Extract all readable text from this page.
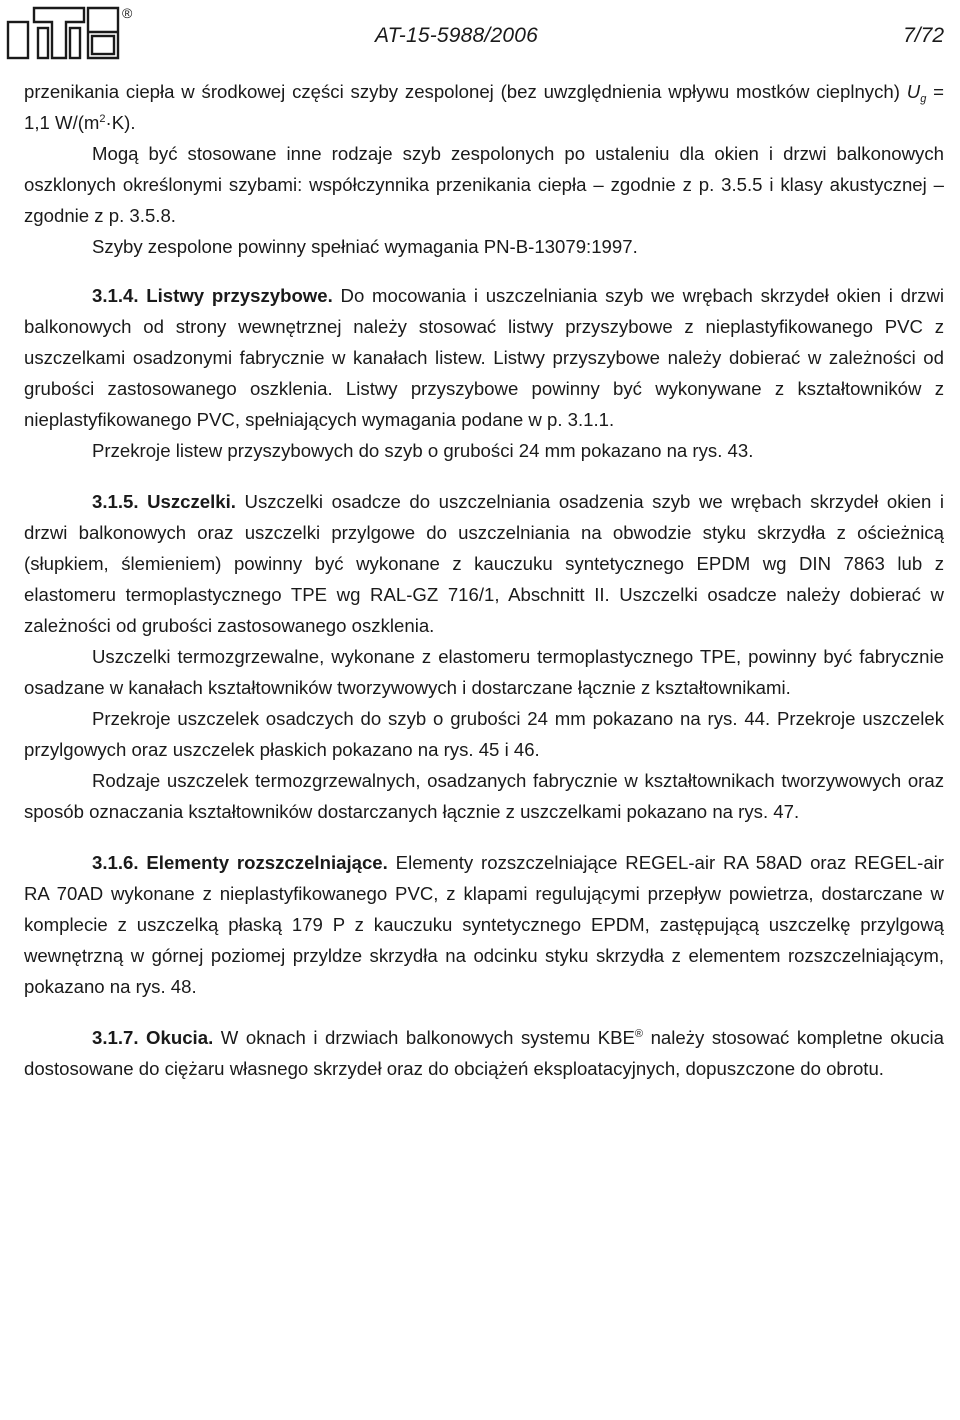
®
AT-15-5988/2006	7/72

przenikania ciepła w środkowej części szyby zespolonej (bez uwzględnienia wpływu mostków cieplnych) $U_g = 1,1$ $W/(m^2\cdot K)$.

Mogą być stosowane inne rodzaje szyb zespolonych po ustaleniu dla okien i drzwi balkonowych oszklonych określonymi szybami: współczynnika przenikania ciepła – zgodnie z p. 3.5.5 i klasy akustycznej – zgodnie z p. 3.5.8.

Szyby zespolone powinny spełniać wymagania PN-B-13079:1997.

3.1.4. Listwy przyszybowe. Do mocowania i uszczelniania szyb we wrębach skrzydeł okien i drzwi balkonowych od strony wewnętrznej należy stosować listwy przyszybowe z nieplastyfikowanego PVC z uszczelkami osadzonymi fabrycznie w kanałach listew. Listwy przyszybowe należy dobierać w zależności od grubości zastosowanego oszklenia. Listwy przyszybowe powinny być wykonywane z kształtowników z nieplastyfikowanego PVC, spełniających wymagania podane w p. 3.1.1.

Przekroje listew przyszybowych do szyb o grubości 24 mm pokazano na rys. 43.

3.1.5. Uszczelki. Uszczelki osadcze do uszczelniania osadzenia szyb we wrębach skrzydeł okien i drzwi balkonowych oraz uszczelki przylgowe do uszczelniania na obwodzie styku skrzydła z ościeżnicą (słupkiem, ślemieniem) powinny być wykonane z kauczuku syntetycznego EPDM wg DIN 7863 lub z elastomeru termoplastycznego TPE wg RAL-GZ 716/1, Abschnitt II. Uszczelki osadcze należy dobierać w zależności od grubości zastosowanego oszklenia.

Uszczelki termozgrzewalne, wykonane z elastomeru termoplastycznego TPE, powinny być fabrycznie osadzane w kanałach kształtowników tworzywowych i dostarczane łącznie z kształtownikami.

Przekroje uszczelek osadczych do szyb o grubości 24 mm pokazano na rys. 44. Przekroje uszczelek przylgowych oraz uszczelek płaskich pokazano na rys. 45 i 46.

Rodzaje uszczelek termozgrzewalnych, osadzanych fabrycznie w kształtownikach tworzywowych oraz sposób oznaczania kształtowników dostarczanych łącznie z uszczelkami pokazano na rys. 47.

3.1.6. Elementy rozszczelniające. Elementy rozszczelniające REGEL-air RA 58AD oraz REGEL-air RA 70AD wykonane z nieplastyfikowanego PVC, z klapami regulującymi przepływ powietrza, dostarczane w komplecie z uszczelką płaską 179 P z kauczuku syntetycznego EPDM, zastępującą uszczelkę przylgową wewnętrzną w górnej poziomej przyldze skrzydła na odcinku styku skrzydła z elementem rozszczelniającym, pokazano na rys. 48.

3.1.7. Okucia. W oknach i drzwiach balkonowych systemu KBE® należy stosować kompletne okucia dostosowane do ciężaru własnego skrzydeł oraz do obciążeń eksploatacyjnych, dopuszczone do obrotu.
